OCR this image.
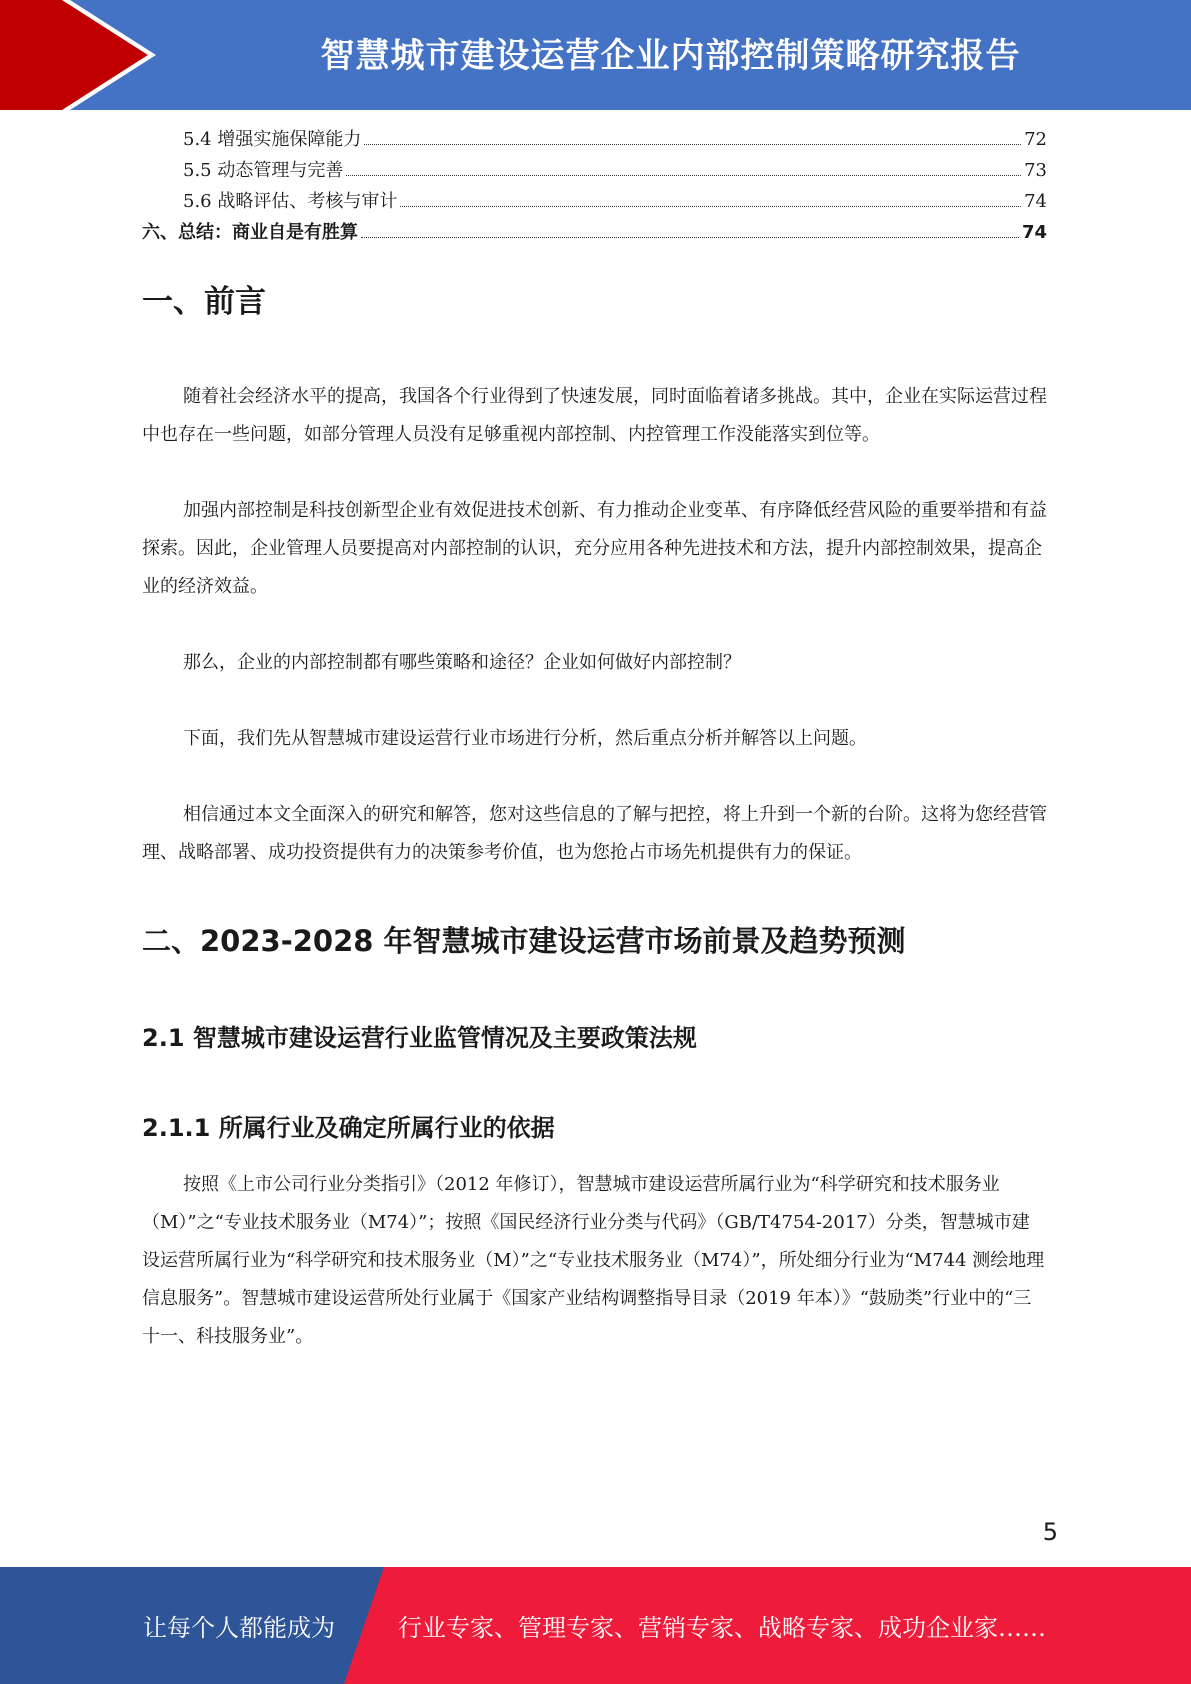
智慧城市建设运营企业内部控制策略研究报告
5.4 增强实施保障能力	72
5.5 动态管理与完善	73
5.6 战略评估、考核与审计	74
六、总结：商业自是有胜算	74
一、前言

随着社会经济水平的提高，我国各个行业得到了快速发展，同时面临着诸多挑战。其中，企业在实际运营过程中也存在一些问题，如部分管理人员没有足够重视内部控制、内控管理工作没能落实到位等。

加强内部控制是科技创新型企业有效促进技术创新、有力推动企业变革、有序降低经营风险的重要举措和有益探索。因此，企业管理人员要提高对内部控制的认识，充分应用各种先进技术和方法，提升内部控制效果，提高企业的经济效益。

那么，企业的内部控制都有哪些策略和途径？企业如何做好内部控制？

下面，我们先从智慧城市建设运营行业市场进行分析，然后重点分析并解答以上问题。

相信通过本文全面深入的研究和解答，您对这些信息的了解与把控，将上升到一个新的台阶。这将为您经营管理、战略部署、成功投资提供有力的决策参考价值，也为您抢占市场先机提供有力的保证。

二、2023-2028 年智慧城市建设运营市场前景及趋势预测
2.1 智慧城市建设运营行业监管情况及主要政策法规
2.1.1 所属行业及确定所属行业的依据

按照《上市公司行业分类指引》（2012 年修订），智慧城市建设运营所属行业为“科学研究和技术服务业（M）”之“专业技术服务业（M74）”；按照《国民经济行业分类与代码》（GB/T4754-2017）分类，智慧城市建设运营所属行业为“科学研究和技术服务业（M）”之“专业技术服务业（M74）”，所处细分行业为“M744 测绘地理信息服务”。智慧城市建设运营所处行业属于《国家产业结构调整指导目录（2019 年本）》“鼓励类”行业中的“三十一、科技服务业”。

5
让每个人都能成为	行业专家、管理专家、营销专家、战略专家、成功企业家……
